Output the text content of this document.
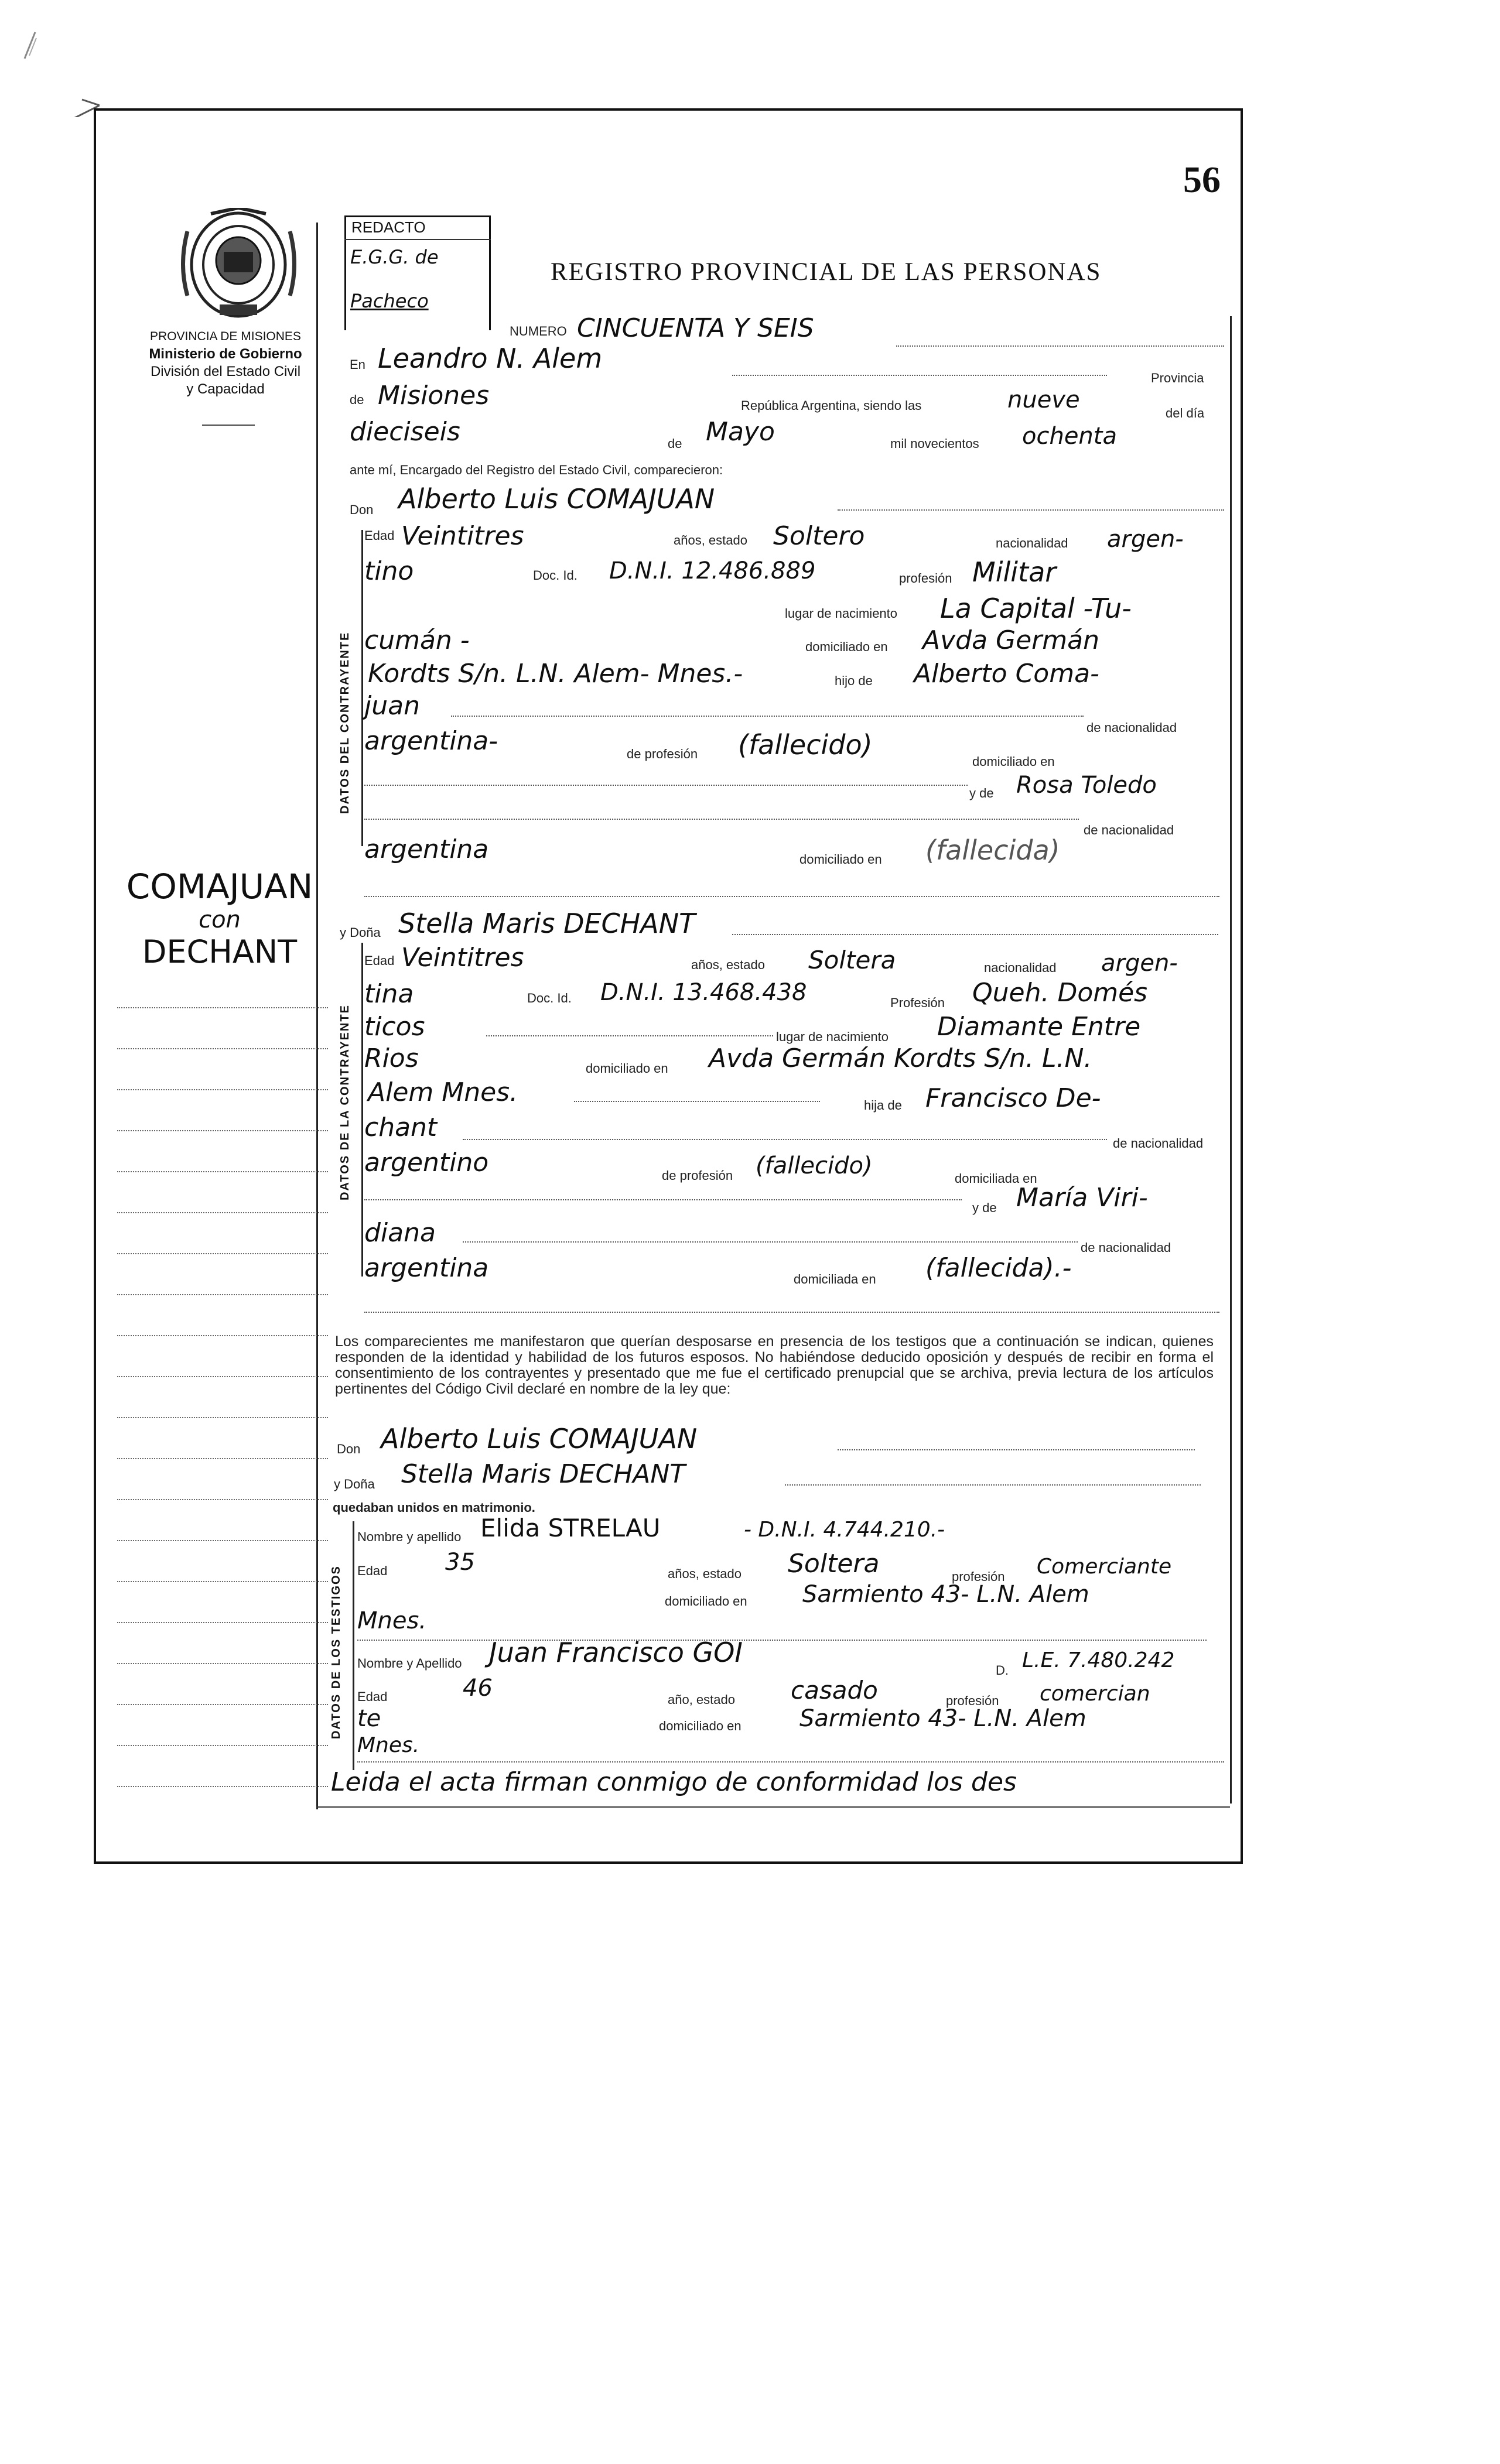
56
PROVINCIA DE MISIONES
Ministerio de Gobierno
División del Estado Civil
y Capacidad
REDACTO
E.G.G. de
Pacheco
REGISTRO PROVINCIAL DE LAS PERSONAS
NUMERO CINCUENTA Y SEIS
En Leandro N. Alem
Provincia
de Misiones	República Argentina, siendo las	nueve	del día
dieciseis	de Mayo	mil novecientos ochenta
ante mí, Encargado del Registro del Estado Civil, comparecieron:
Don Alberto Luis COMAJUAN
DATOS DEL CONTRAYENTE
Edad Veintitres	años, estado Soltero	nacionalidad argen-
tino	Doc. Id. D.N.I. 12.486.889	profesión Militar
lugar de nacimiento La Capital -Tu-
cumán -	domiciliado en Avda Germán
Kordts S/n. L.N. Alem- Mnes.-	hijo de Alberto Coma-
juan
de nacionalidad
argentina-	de profesión (fallecido)
domiciliado en
y de Rosa Toledo
de nacionalidad
argentina	domiciliado en (fallecida)
COMAJUAN
con
DECHANT
y Doña Stella Maris DECHANT
DATOS DE LA CONTRAYENTE
Edad Veintitres	años, estado Soltera	nacionalidad argen-
tina	Doc. Id. D.N.I. 13.468.438	Profesión Queh. Domés
ticos	lugar de nacimiento Diamante Entre
Rios	domiciliado en Avda Germán Kordts S/n. L.N.
Alem Mnes.	hija de Francisco De-
chant
de nacionalidad
argentino	de profesión (fallecido)	domiciliada en
y de María Viri-
diana	de nacionalidad
argentina	domiciliada en (fallecida).-
Los comparecientes me manifestaron que querían desposarse en presencia de los testigos que a continuación se indican, quienes responden de la identidad y habilidad de los futuros esposos. No habiéndose deducido oposición y después de recibir en forma el consentimiento de los contrayentes y presentado que me fue el certificado prenupcial que se archiva, previa lectura de los artículos pertinentes del Código Civil declaré en nombre de la ley que:
Don Alberto Luis COMAJUAN
y Doña Stella Maris DECHANT
quedaban unidos en matrimonio.
DATOS DE LOS TESTIGOS
Nombre y apellido Elida STRELAU	- D.N.I. 4.744.210.-
Edad 35	años, estado Soltera	profesión Comerciante
domiciliado en Sarmiento 43- L.N. Alem
Mnes.
Nombre y Apellido Juan Francisco GOI
D. L.E. 7.480.242
Edad	46	año, estado casado	profesión comercian
te	domiciliado en Sarmiento 43- L.N. Alem
Mnes.
Leida el acta firman conmigo de conformidad los des
